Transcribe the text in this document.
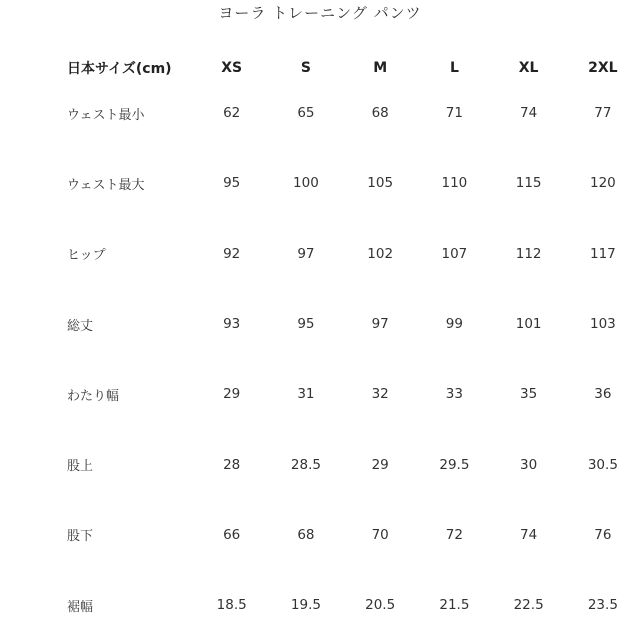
ヨーラ トレーニング パンツ
日本サイズ(cm)	XS	S	M	L	XL	2XL
ウェスト最小	62	65	68	71	74	77
ウェスト最大	95	100	105	110	115	120
ヒップ	92	97	102	107	112	117
総丈	93	95	97	99	101	103
わたり幅	29	31	32	33	35	36
股上	28	28.5	29	29.5	30	30.5
股下	66	68	70	72	74	76
裾幅	18.5	19.5	20.5	21.5	22.5	23.5
